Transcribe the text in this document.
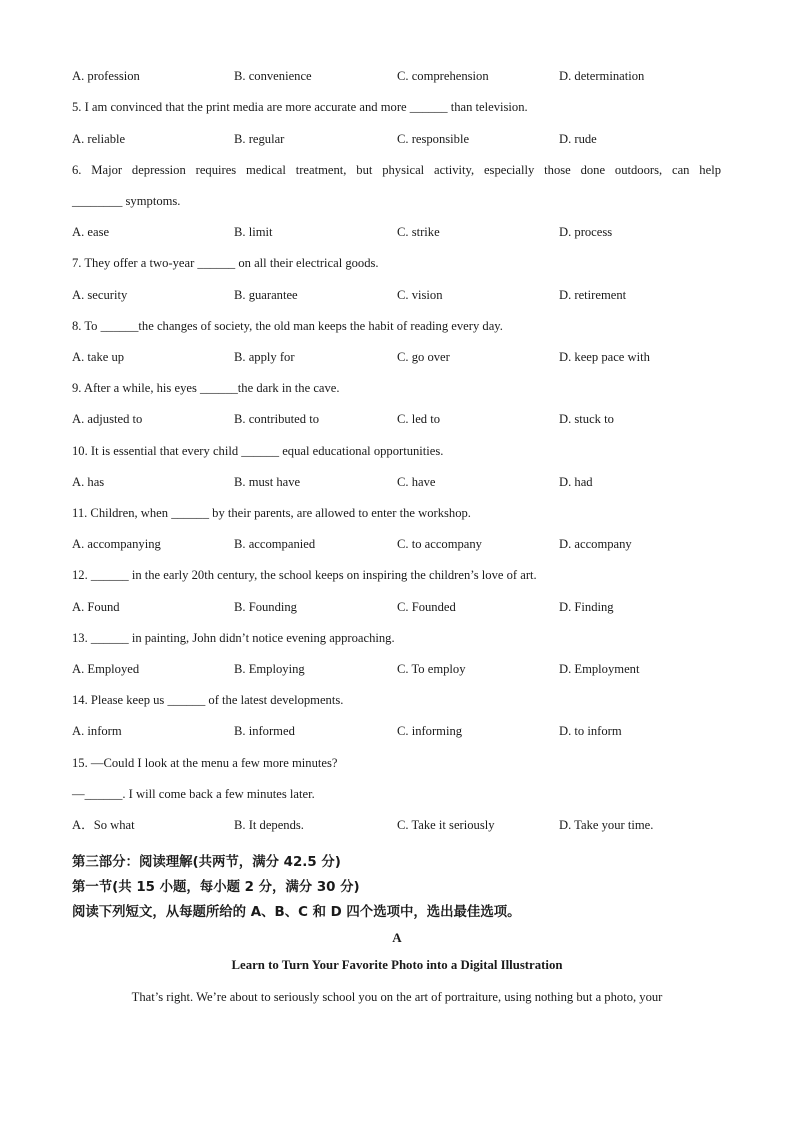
A. profession	B. convenience	C. comprehension	D. determination
5. I am convinced that the print media are more accurate and more ______ than television.
A. reliable	B. regular	C. responsible	D. rude
6. Major depression requires medical treatment, but physical activity, especially those done outdoors, can help
________ symptoms.
A. ease	B. limit	C. strike	D. process
7. They offer a two-year ______ on all their electrical goods.
A. security	B. guarantee	C. vision	D. retirement
8. To ______the changes of society, the old man keeps the habit of reading every day.
A. take up	B. apply for	C. go over	D. keep pace with
9. After a while, his eyes ______the dark in the cave.
A. adjusted to	B. contributed to	C. led to	D. stuck to
10. It is essential that every child ______ equal educational opportunities.
A. has	B. must have	C. have	D. had
11. Children, when ______ by their parents, are allowed to enter the workshop.
A. accompanying	B. accompanied	C. to accompany	D. accompany
12. ______ in the early 20th century, the school keeps on inspiring the children’s love of art.
A. Found	B. Founding	C. Founded	D. Finding
13. ______ in painting, John didn’t notice evening approaching.
A. Employed	B. Employing	C. To employ	D. Employment
14. Please keep us ______ of the latest developments.
A. inform	B. informed	C. informing	D. to inform
15. —Could I look at the menu a few more minutes?
—______. I will come back a few minutes later.
A．So what	B. It depends.	C. Take it seriously	D. Take your time.
第三部分：阅读理解(共两节，满分 42.5 分)
第一节(共 15 小题，每小题 2 分，满分 30 分)
阅读下列短文，从每题所给的 A、B、C 和 D 四个选项中，选出最佳选项。
A
Learn to Turn Your Favorite Photo into a Digital Illustration
That’s right. We’re about to seriously school you on the art of portraiture, using nothing but a photo, your
